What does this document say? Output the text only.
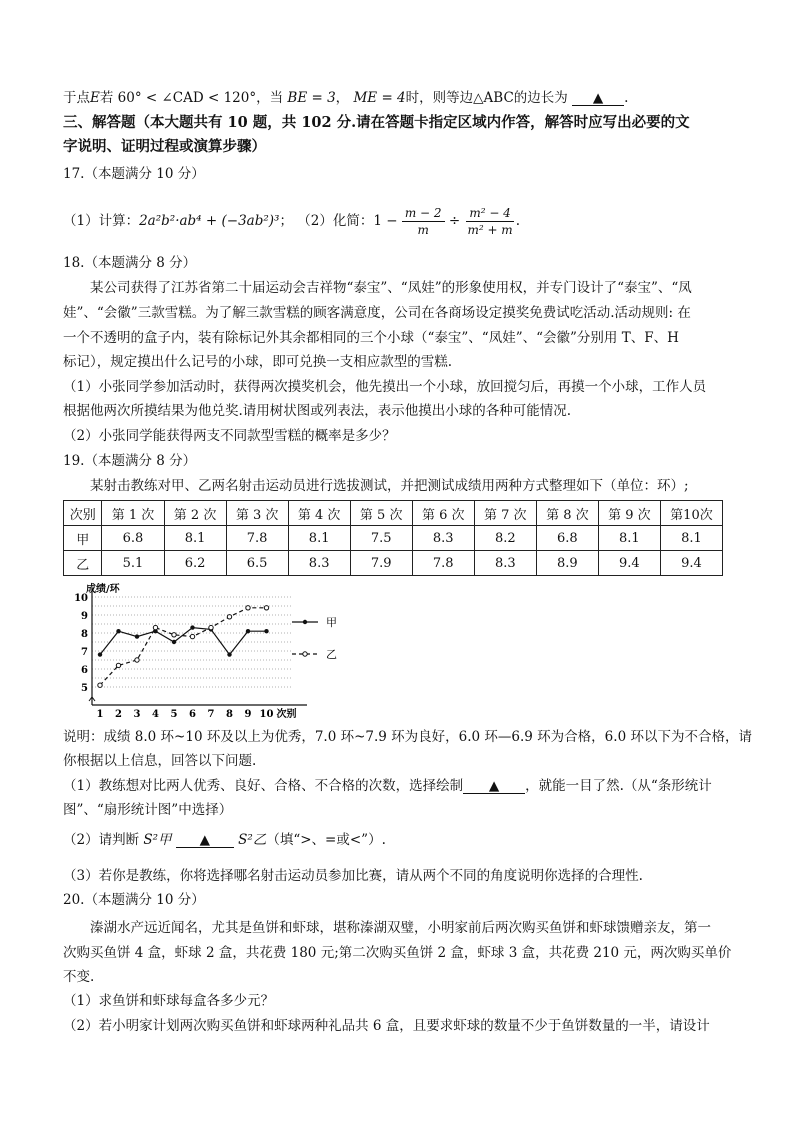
于点E若 60° < ∠CAD < 120°，当 BE = 3， ME = 4时，则等边△ABC的边长为 ▲ .
三、解答题（本大题共有 10 题，共 102 分.请在答题卡指定区域内作答，解答时应写出必要的文
字说明、证明过程或演算步骤）
17.（本题满分 10 分）
（1）计算：2a²b²·ab⁴ + (−3ab²)³； （2）化简：$1 - \frac{m - 2}{m} \div \frac{\text{m² − 4}}{\text{m² + m}}$ .
18.（本题满分 8 分）
某公司获得了江苏省第二十届运动会吉祥物“泰宝”、“凤娃”的形象使用权，并专门设计了“泰宝”、“凤
娃”、“会徽”三款雪糕。为了解三款雪糕的顾客满意度，公司在各商场设定摸奖免费试吃活动.活动规则: 在
一个不透明的盒子内，装有除标记外其余都相同的三个小球（“泰宝”、“凤娃”、“会徽”分别用 T、F、H
标记），规定摸出什么记号的小球，即可兑换一支相应款型的雪糕.
（1）小张同学参加活动时，获得两次摸奖机会，他先摸出一个小球，放回搅匀后，再摸一个小球，工作人员
根据他两次所摸结果为他兑奖.请用树状图或列表法，表示他摸出小球的各种可能情况.
（2）小张同学能获得两支不同款型雪糕的概率是多少？
19.（本题满分 8 分）
某射击教练对甲、乙两名射击运动员进行选拔测试，并把测试成绩用两种方式整理如下（单位：环）;
次别	第 1 次	第 2 次	第 3 次	第 4 次	第 5 次	第 6 次	第 7 次	第 8 次	第 9 次	第10次
甲	6.8	8.1	7.8	8.1	7.5	8.3	8.2	6.8	8.1	8.1
乙	5.1	6.2	6.5	8.3	7.9	7.8	8.3	8.9	9.4	9.4
成绩/环
5
6
7
8
9
10
1 2 3 4 5 6 7 8 9 10 次别
甲
乙
说明：成绩 8.0 环~10 环及以上为优秀，7.0 环~7.9 环为良好，6.0 环—6.9 环为合格，6.0 环以下为不合格，请
你根据以上信息，回答以下问题.
（1）教练想对比两人优秀、良好、合格、不合格的次数，选择绘制 ▲ ，就能一目了然.（从“条形统计
图”、“扇形统计图”中选择）
（2）请判断 S²甲 ▲ S²乙（填“>、=或<”）.
（3）若你是教练，你将选择哪名射击运动员参加比赛，请从两个不同的角度说明你选择的合理性.
20.（本题满分 10 分）
溱湖水产远近闻名，尤其是鱼饼和虾球，堪称溱湖双璧，小明家前后两次购买鱼饼和虾球馈赠亲友，第一
次购买鱼饼 4 盒，虾球 2 盒，共花费 180 元;第二次购买鱼饼 2 盒，虾球 3 盒，共花费 210 元，两次购买单价
不变.
（1）求鱼饼和虾球每盒各多少元？
（2）若小明家计划两次购买鱼饼和虾球两种礼品共 6 盒，且要求虾球的数量不少于鱼饼数量的一半，请设计
